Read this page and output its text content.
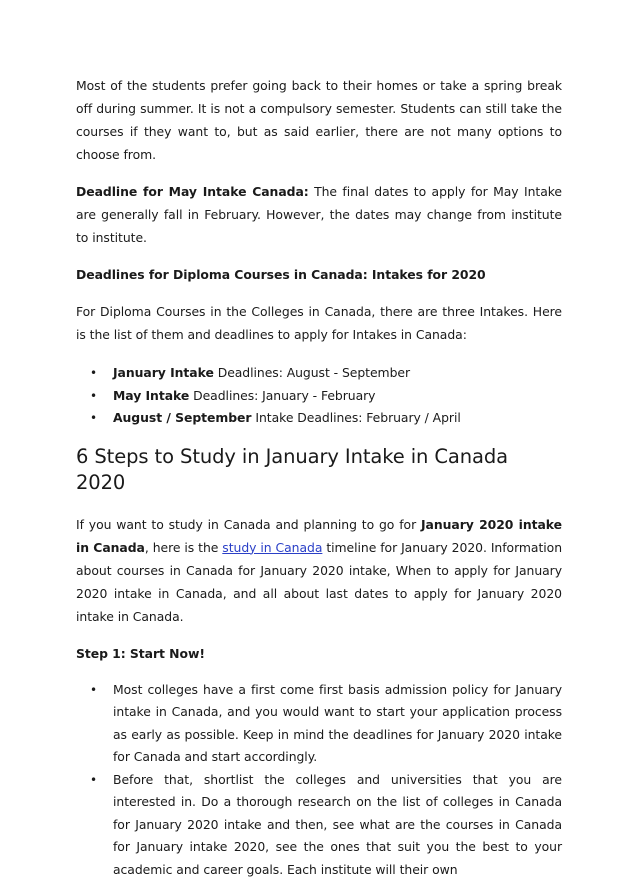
Most of the students prefer going back to their homes or take a spring break off during summer. It is not a compulsory semester. Students can still take the courses if they want to, but as said earlier, there are not many options to choose from.

Deadline for May Intake Canada: The final dates to apply for May Intake are generally fall in February. However, the dates may change from institute to institute.

Deadlines for Diploma Courses in Canada: Intakes for 2020

For Diploma Courses in the Colleges in Canada, there are three Intakes. Here is the list of them and deadlines to apply for Intakes in Canada:

• January Intake Deadlines: August - September
• May Intake Deadlines: January - February
• August / September Intake Deadlines: February / April
6 Steps to Study in January Intake in Canada 2020

If you want to study in Canada and planning to go for January 2020 intake in Canada, here is the study in Canada timeline for January 2020. Information about courses in Canada for January 2020 intake, When to apply for January 2020 intake in Canada, and all about last dates to apply for January 2020 intake in Canada.

Step 1: Start Now!

• Most colleges have a first come first basis admission policy for January intake in Canada, and you would want to start your application process as early as possible. Keep in mind the deadlines for January 2020 intake for Canada and start accordingly.
• Before that, shortlist the colleges and universities that you are interested in. Do a thorough research on the list of colleges in Canada for January 2020 intake and then, see what are the courses in Canada for January intake 2020, see the ones that suit you the best to your academic and career goals. Each institute will their own
